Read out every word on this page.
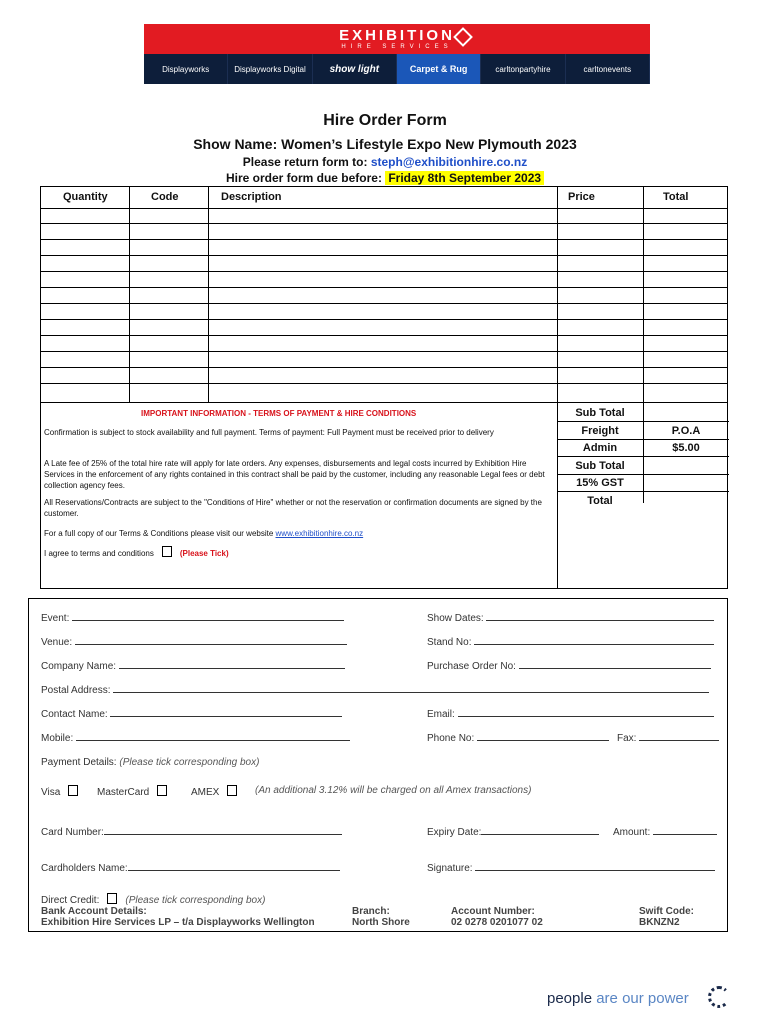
EXHIBITION
HIRE SERVICES
Displayworks	Displayworks Digital	show light	Carpet & Rug	carltonpartyhire	carltonevents
Hire Order Form
Show Name: Women’s Lifestyle Expo New Plymouth 2023
Please return form to: steph@exhibitionhire.co.nz
Hire order form due before: Friday 8th September 2023
Quantity	Code	Description	Price	Total
IMPORTANT INFORMATION - TERMS OF PAYMENT & HIRE CONDITIONS
Confirmation is subject to stock availability and full payment. Terms of payment: Full Payment must be received prior to delivery
A Late fee of 25% of the total hire rate will apply for late orders. Any expenses, disbursements and legal costs incurred by Exhibition Hire Services in the enforcement of any rights contained in this contract shall be paid by the customer, including any reasonable Legal fees or debt collection agency fees.
All Reservations/Contracts are subject to the "Conditions of Hire" whether or not the reservation or confirmation documents are signed by the customer.
For a full copy of our Terms & Conditions please visit our website www.exhibitionhire.co.nz
I agree to terms and conditions	(Please Tick)
Sub Total
Freight	P.O.A
Admin	$5.00
Sub Total
15% GST
Total
Event:	Show Dates:
Venue:	Stand No:
Company Name:	Purchase Order No:
Postal Address:
Contact Name:	Email:
Mobile:	Phone No:	Fax:
Payment Details: (Please tick corresponding box)
Visa	MasterCard	AMEX	(An additional 3.12% will be charged on all Amex transactions)
Card Number:	Expiry Date:	Amount:
Cardholders Name:	Signature:
Direct Credit:	(Please tick corresponding box)
Bank Account Details:
Exhibition Hire Services LP – t/a Displayworks Wellington
Branch:
North Shore
Account Number:
02 0278 0201077 02
Swift Code:
BKNZN2
people are our power
